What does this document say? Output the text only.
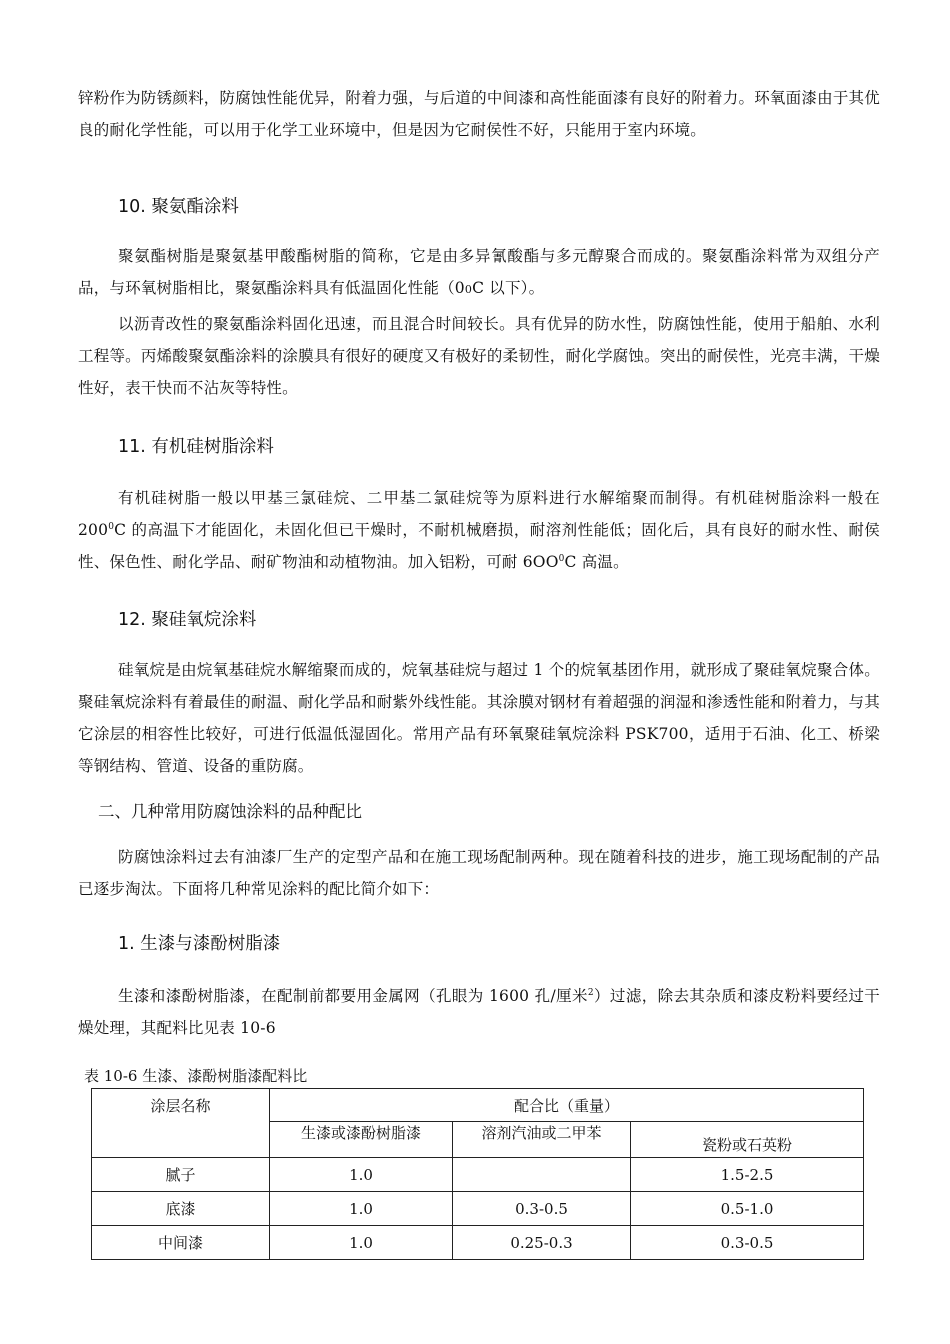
锌粉作为防锈颜料，防腐蚀性能优异，附着力强，与后道的中间漆和高性能面漆有良好的附着力。环氧面漆由于其优良的耐化学性能，可以用于化学工业环境中，但是因为它耐侯性不好，只能用于室内环境。

10. 聚氨酯涂料

聚氨酯树脂是聚氨基甲酸酯树脂的简称，它是由多异氰酸酯与多元醇聚合而成的。聚氨酯涂料常为双组分产品，与环氧树脂相比，聚氨酯涂料具有低温固化性能（00C 以下）。

以沥青改性的聚氨酯涂料固化迅速，而且混合时间较长。具有优异的防水性，防腐蚀性能，使用于船舶、水利工程等。丙烯酸聚氨酯涂料的涂膜具有很好的硬度又有极好的柔韧性，耐化学腐蚀。突出的耐侯性，光亮丰满，干燥性好，表干快而不沾灰等特性。

11. 有机硅树脂涂料

有机硅树脂一般以甲基三氯硅烷、二甲基二氯硅烷等为原料进行水解缩聚而制得。有机硅树脂涂料一般在 $200^0C$ 的高温下才能固化，未固化但已干燥时，不耐机械磨损，耐溶剂性能低；固化后，具有良好的耐水性、耐侯性、保色性、耐化学品、耐矿物油和动植物油。加入铝粉，可耐 $6OO^0C$ 高温。

12. 聚硅氧烷涂料

硅氧烷是由烷氧基硅烷水解缩聚而成的，烷氧基硅烷与超过 1 个的烷氧基团作用，就形成了聚硅氧烷聚合体。聚硅氧烷涂料有着最佳的耐温、耐化学品和耐紫外线性能。其涂膜对钢材有着超强的润湿和渗透性能和附着力，与其它涂层的相容性比较好，可进行低温低湿固化。常用产品有环氧聚硅氧烷涂料 PSK700，适用于石油、化工、桥梁等钢结构、管道、设备的重防腐。

二、几种常用防腐蚀涂料的品种配比

防腐蚀涂料过去有油漆厂生产的定型产品和在施工现场配制两种。现在随着科技的进步，施工现场配制的产品已逐步淘汰。下面将几种常见涂料的配比简介如下：

1. 生漆与漆酚树脂漆

生漆和漆酚树脂漆，在配制前都要用金属网（孔眼为 1600 孔/厘米$^2$）过滤，除去其杂质和漆皮粉料要经过干燥处理，其配料比见表 10-6

表 10-6 生漆、漆酚树脂漆配料比
涂层名称	配合比（重量）		

	生漆或漆酚树脂漆	溶剂汽油或二甲苯	瓷粉或石英粉
腻子	1.0		1.5-2.5
底漆	1.0	0.3-0.5	0.5-1.0
中间漆	1.0	0.25-0.3	0.3-0.5
